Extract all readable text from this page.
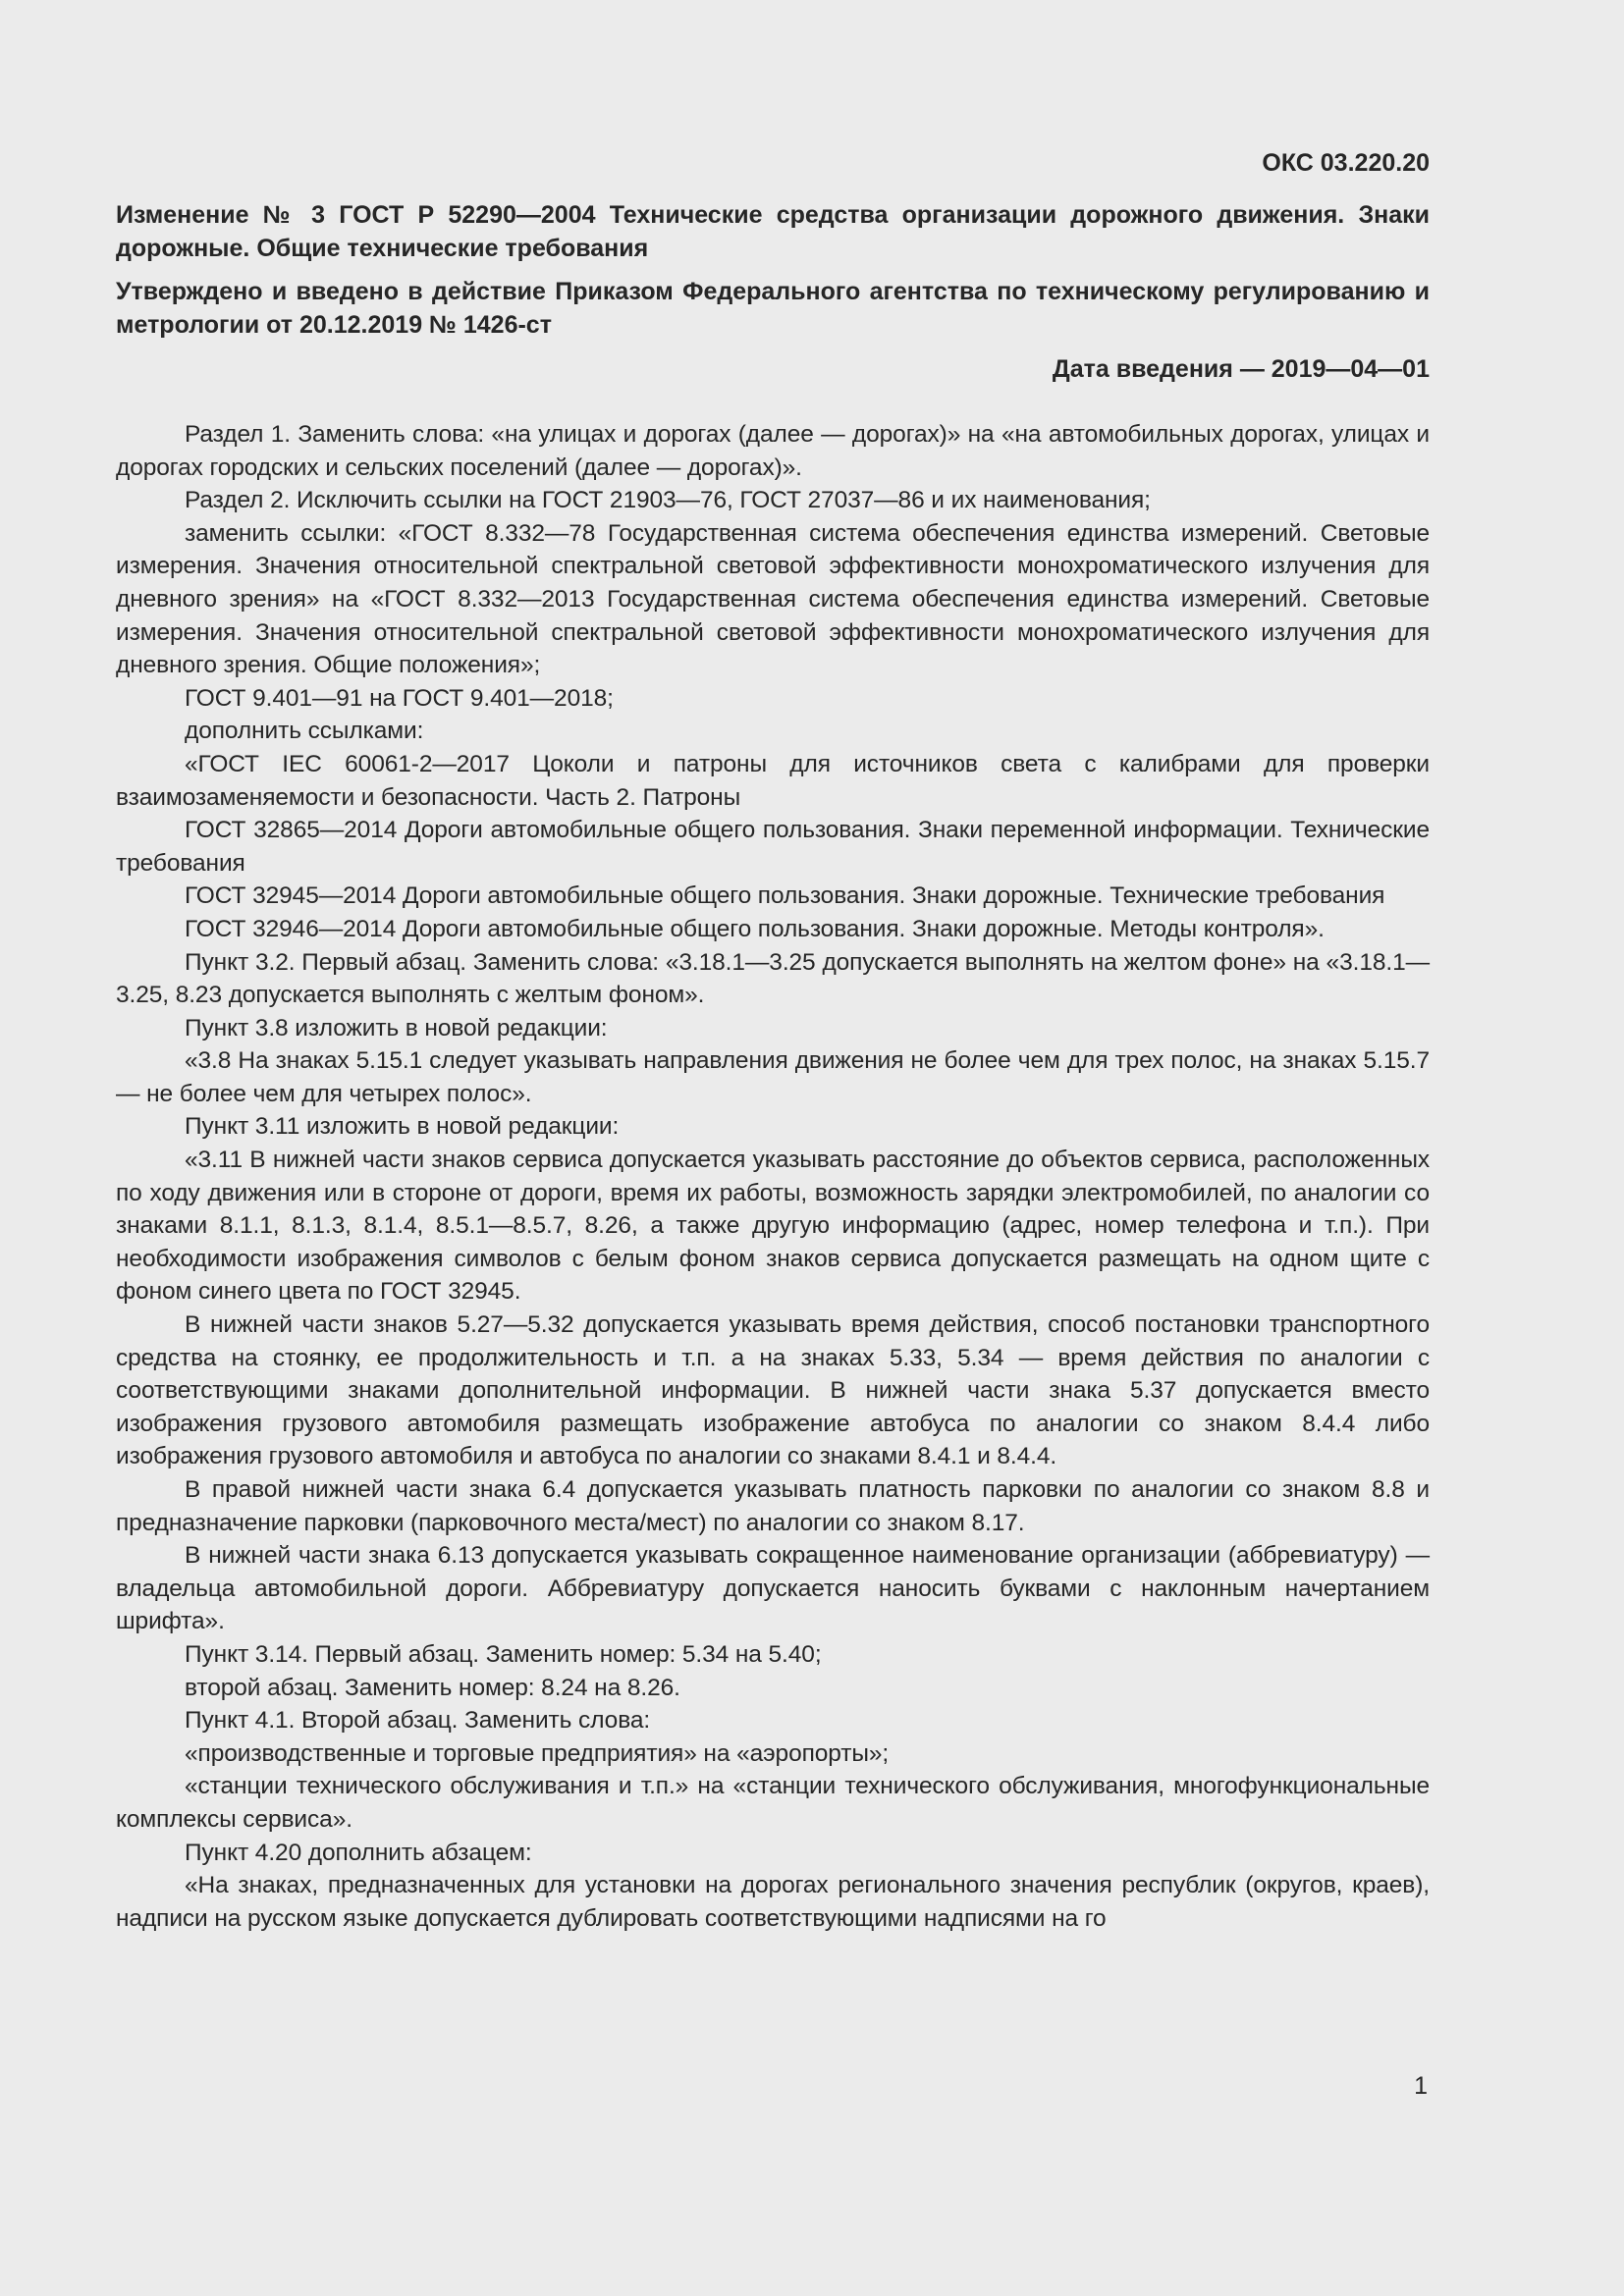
ОКС 03.220.20
Изменение № 3 ГОСТ Р 52290—2004 Технические средства организации дорожного движения. Знаки дорожные. Общие технические требования
Утверждено и введено в действие Приказом Федерального агентства по техническому регулированию и метрологии от 20.12.2019 № 1426-ст
Дата введения — 2019—04—01

Раздел 1. Заменить слова: «на улицах и дорогах (далее — дорогах)» на «на автомобильных дорогах, улицах и дорогах городских и сельских поселений (далее — дорогах)».

Раздел 2. Исключить ссылки на ГОСТ 21903—76, ГОСТ 27037—86 и их наименования;

заменить ссылки: «ГОСТ 8.332—78 Государственная система обеспечения единства измерений. Световые измерения. Значения относительной спектральной световой эффективности монохроматического излучения для дневного зрения» на «ГОСТ 8.332—2013 Государственная система обеспечения единства измерений. Световые измерения. Значения относительной спектральной световой эффективности монохроматического излучения для дневного зрения. Общие положения»;

ГОСТ 9.401—91 на ГОСТ 9.401—2018;

дополнить ссылками:

«ГОСТ IEC 60061-2—2017 Цоколи и патроны для источников света с калибрами для проверки взаимозаменяемости и безопасности. Часть 2. Патроны

ГОСТ 32865—2014 Дороги автомобильные общего пользования. Знаки переменной информации. Технические требования

ГОСТ 32945—2014 Дороги автомобильные общего пользования. Знаки дорожные. Технические требования

ГОСТ 32946—2014 Дороги автомобильные общего пользования. Знаки дорожные. Методы контроля».

Пункт 3.2. Первый абзац. Заменить слова: «3.18.1—3.25 допускается выполнять на желтом фоне» на «3.18.1—3.25, 8.23 допускается выполнять с желтым фоном».

Пункт 3.8 изложить в новой редакции:

«3.8 На знаках 5.15.1 следует указывать направления движения не более чем для трех полос, на знаках 5.15.7 — не более чем для четырех полос».

Пункт 3.11 изложить в новой редакции:

«3.11 В нижней части знаков сервиса допускается указывать расстояние до объектов сервиса, расположенных по ходу движения или в стороне от дороги, время их работы, возможность зарядки электромобилей, по аналогии со знаками 8.1.1, 8.1.3, 8.1.4, 8.5.1—8.5.7, 8.26, а также другую информацию (адрес, номер телефона и т.п.). При необходимости изображения символов с белым фоном знаков сервиса допускается размещать на одном щите с фоном синего цвета по ГОСТ 32945.

В нижней части знаков 5.27—5.32 допускается указывать время действия, способ постановки транспортного средства на стоянку, ее продолжительность и т.п. а на знаках 5.33, 5.34 — время действия по аналогии с соответствующими знаками дополнительной информации. В нижней части знака 5.37 допускается вместо изображения грузового автомобиля размещать изображение автобуса по аналогии со знаком 8.4.4 либо изображения грузового автомобиля и автобуса по аналогии со знаками 8.4.1 и 8.4.4.

В правой нижней части знака 6.4 допускается указывать платность парковки по аналогии со знаком 8.8 и предназначение парковки (парковочного места/мест) по аналогии со знаком 8.17.

В нижней части знака 6.13 допускается указывать сокращенное наименование организации (аббревиатуру) — владельца автомобильной дороги. Аббревиатуру допускается наносить буквами с наклонным начертанием шрифта».

Пункт 3.14. Первый абзац. Заменить номер: 5.34 на 5.40;

второй абзац. Заменить номер: 8.24 на 8.26.

Пункт 4.1. Второй абзац. Заменить слова:

«производственные и торговые предприятия» на «аэропорты»;

«станции технического обслуживания и т.п.» на «станции технического обслуживания, многофункциональные комплексы сервиса».

Пункт 4.20 дополнить абзацем:

«На знаках, предназначенных для установки на дорогах регионального значения республик (округов, краев), надписи на русском языке допускается дублировать соответствующими надписями на го

1
